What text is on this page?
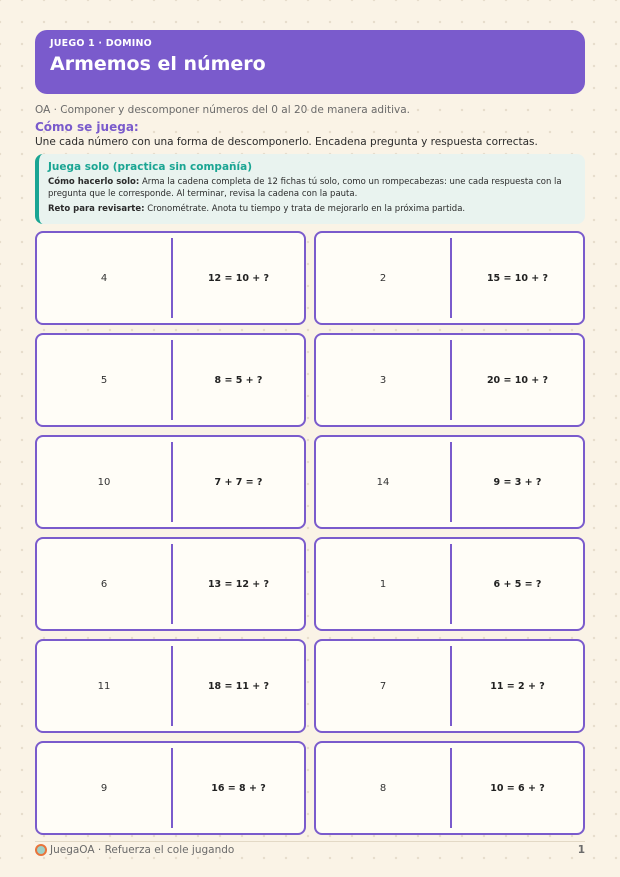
JUEGO 1 · DOMINO
Armemos el número
OA · Componer y descomponer números del 0 al 20 de manera aditiva.
Cómo se juega:
Une cada número con una forma de descomponerlo. Encadena pregunta y respuesta correctas.
Juega solo (practica sin compañía)
Cómo hacerlo solo: Arma la cadena completa de 12 fichas tú solo, como un rompecabezas: une cada respuesta con la pregunta que le corresponde. Al terminar, revisa la cadena con la pauta.
Reto para revisarte: Cronométrate. Anota tu tiempo y trata de mejorarlo en la próxima partida.
4	12 = 10 + ?	2	15 = 10 + ?
5	8 = 5 + ?	3	20 = 10 + ?
10	7 + 7 = ?	14	9 = 3 + ?
6	13 = 12 + ?	1	6 + 5 = ?
11	18 = 11 + ?	7	11 = 2 + ?
9	16 = 8 + ?	8	10 = 6 + ?
JuegaOA · Refuerza el cole jugando	1
